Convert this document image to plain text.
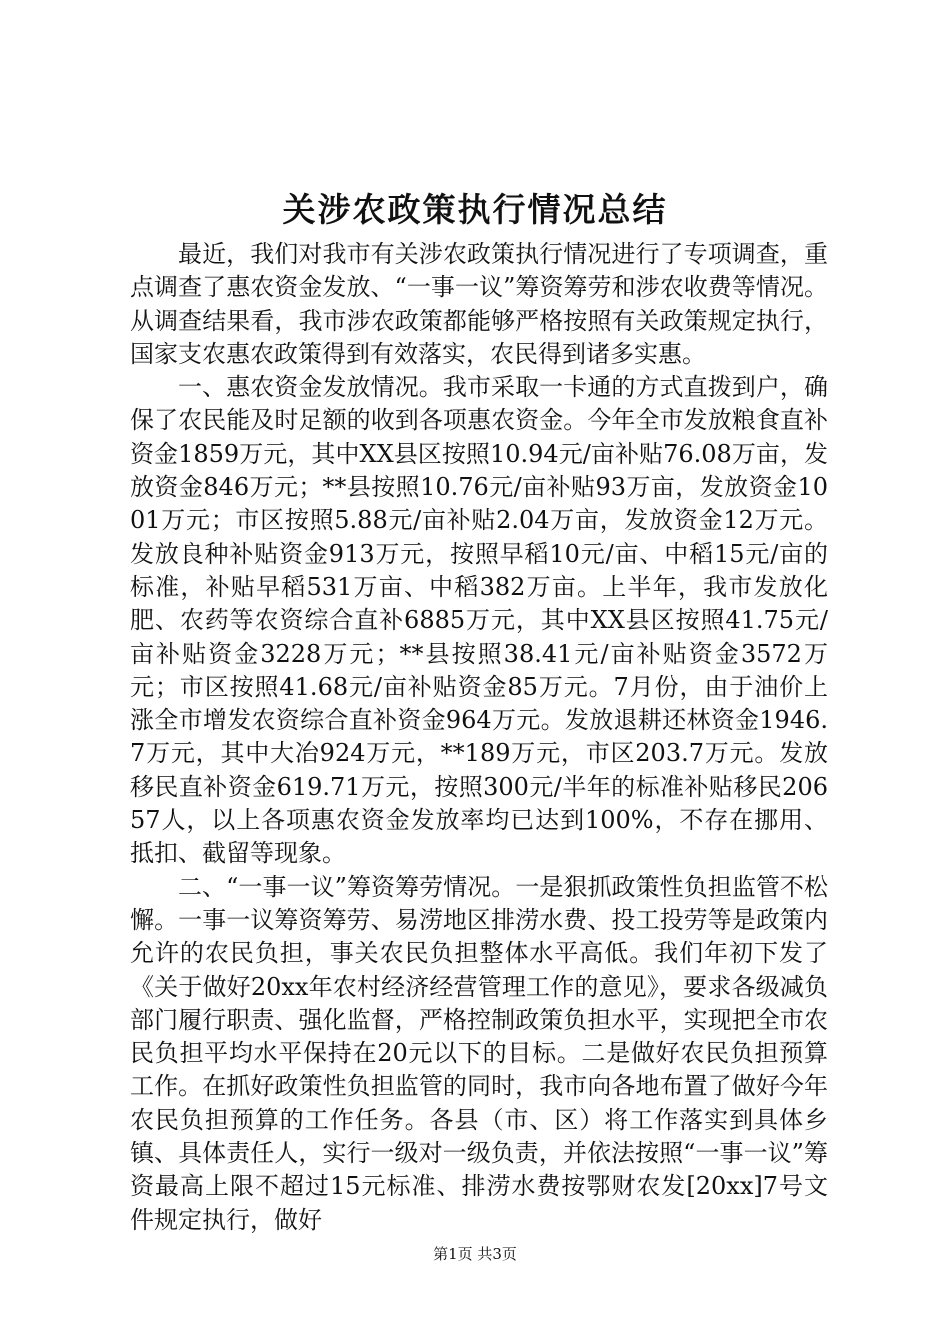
关涉农政策执行情况总结

最近，我们对我市有关涉农政策执行情况进行了专项调查，重点调查了惠农资金发放、“一事一议”筹资筹劳和涉农收费等情况。从调查结果看，我市涉农政策都能够严格按照有关政策规定执行，国家支农惠农政策得到有效落实，农民得到诸多实惠。

一、惠农资金发放情况。我市采取一卡通的方式直拨到户，确保了农民能及时足额的收到各项惠农资金。今年全市发放粮食直补资金1859万元，其中XX县区按照10.94元/亩补贴76.08万亩，发放资金846万元；**县按照10.76元/亩补贴93万亩，发放资金1001万元；市区按照5.88元/亩补贴2.04万亩，发放资金12万元。发放良种补贴资金913万元，按照早稻10元/亩、中稻15元/亩的标准，补贴早稻531万亩、中稻382万亩。上半年，我市发放化肥、农药等农资综合直补6885万元，其中XX县区按照41.75元/亩补贴资金3228万元；**县按照38.41元/亩补贴资金3572万元；市区按照41.68元/亩补贴资金85万元。7月份，由于油价上涨全市增发农资综合直补资金964万元。发放退耕还林资金1946.7万元，其中大冶924万元，**189万元，市区203.7万元。发放移民直补资金619.71万元，按照300元/半年的标准补贴移民20657人，以上各项惠农资金发放率均已达到100%，不存在挪用、抵扣、截留等现象。

二、“一事一议”筹资筹劳情况。一是狠抓政策性负担监管不松懈。一事一议筹资筹劳、易涝地区排涝水费、投工投劳等是政策内允许的农民负担，事关农民负担整体水平高低。我们年初下发了《关于做好20xx年农村经济经营管理工作的意见》，要求各级减负部门履行职责、强化监督，严格控制政策负担水平，实现把全市农民负担平均水平保持在20元以下的目标。二是做好农民负担预算工作。在抓好政策性负担监管的同时，我市向各地布置了做好今年农民负担预算的工作任务。各县（市、区）将工作落实到具体乡镇、具体责任人，实行一级对一级负责，并依法按照“一事一议”筹资最高上限不超过15元标准、排涝水费按鄂财农发[20xx]7号文件规定执行，做好

第1页 共3页
